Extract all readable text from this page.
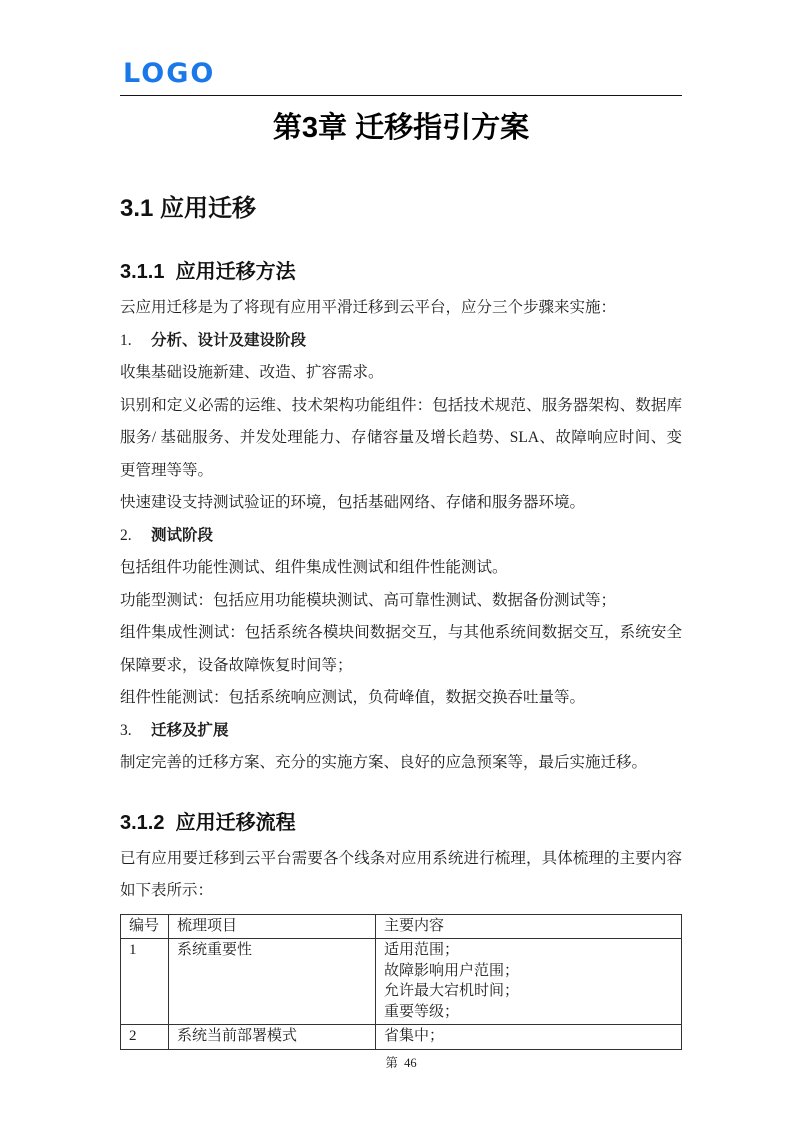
LOGO
第3章 迁移指引方案
3.1 应用迁移
3.1.1  应用迁移方法

云应用迁移是为了将现有应用平滑迁移到云平台，应分三个步骤来实施：

1. 分析、设计及建设阶段

收集基础设施新建、改造、扩容需求。

识别和定义必需的运维、技术架构功能组件：包括技术规范、服务器架构、数据库服务/ 基础服务、并发处理能力、存储容量及增长趋势、SLA、故障响应时间、变更管理等等。

快速建设支持测试验证的环境，包括基础网络、存储和服务器环境。

2. 测试阶段

包括组件功能性测试、组件集成性测试和组件性能测试。

功能型测试：包括应用功能模块测试、高可靠性测试、数据备份测试等；

组件集成性测试：包括系统各模块间数据交互，与其他系统间数据交互，系统安全保障要求，设备故障恢复时间等；

组件性能测试：包括系统响应测试，负荷峰值，数据交换吞吐量等。

3. 迁移及扩展

制定完善的迁移方案、充分的实施方案、良好的应急预案等，最后实施迁移。

3.1.2  应用迁移流程

已有应用要迁移到云平台需要各个线条对应用系统进行梳理，具体梳理的主要内容如下表所示：

编号	梳理项目	主要内容
1	系统重要性	适用范围；
故障影响用户范围；
允许最大宕机时间；
重要等级；

2	系统当前部署模式	省集中；
第  46
